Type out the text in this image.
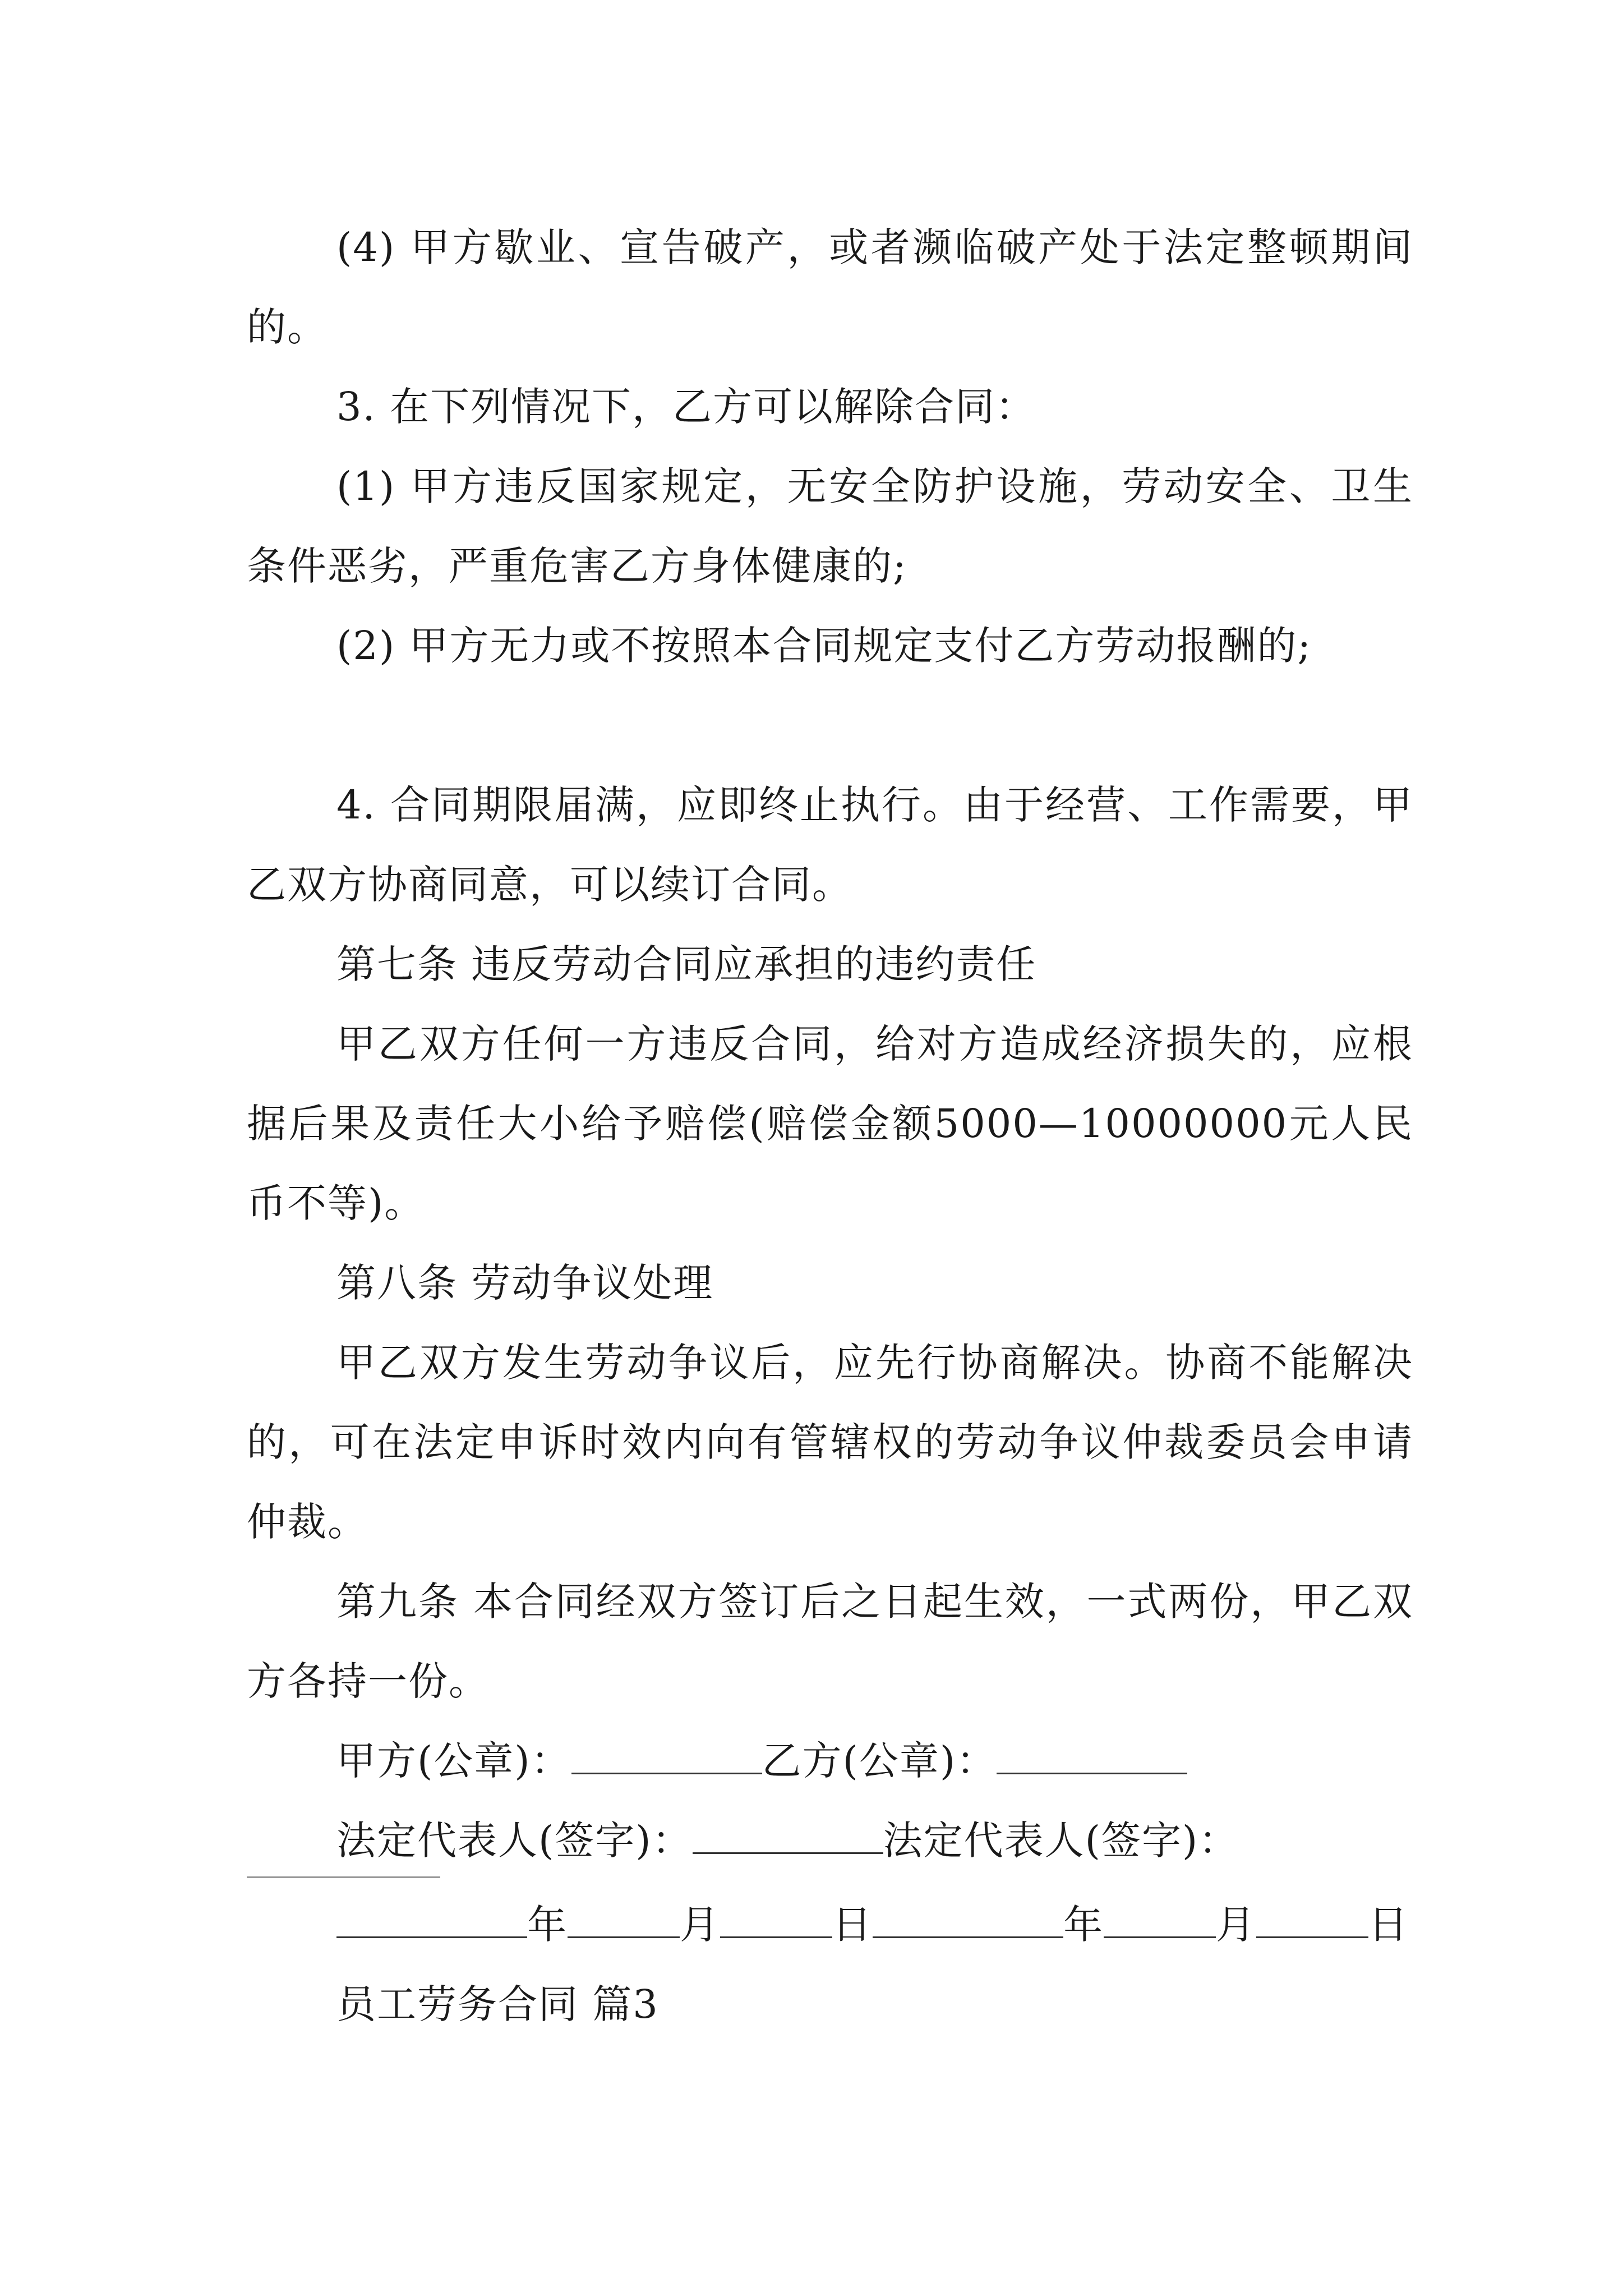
(4) 甲方歇业、宣告破产，或者濒临破产处于法定整顿期间的。

3. 在下列情况下，乙方可以解除合同：

(1) 甲方违反国家规定，无安全防护设施，劳动安全、卫生条件恶劣，严重危害乙方身体健康的;

(2) 甲方无力或不按照本合同规定支付乙方劳动报酬的;

4. 合同期限届满，应即终止执行。由于经营、工作需要，甲乙双方协商同意，可以续订合同。

第七条 违反劳动合同应承担的违约责任

甲乙双方任何一方违反合同，给对方造成经济损失的，应根据后果及责任大小给予赔偿(赔偿金额5000—10000000元人民币不等)。

第八条 劳动争议处理

甲乙双方发生劳动争议后，应先行协商解决。协商不能解决的，可在法定申诉时效内向有管辖权的劳动争议仲裁委员会申请仲裁。

第九条 本合同经双方签订后之日起生效，一式两份，甲乙双方各持一份。

甲方(公章)：	乙方(公章)：

法定代表人(签字)：	法定代表人(签字)：

年	月	日	年	月	日

员工劳务合同 篇3
